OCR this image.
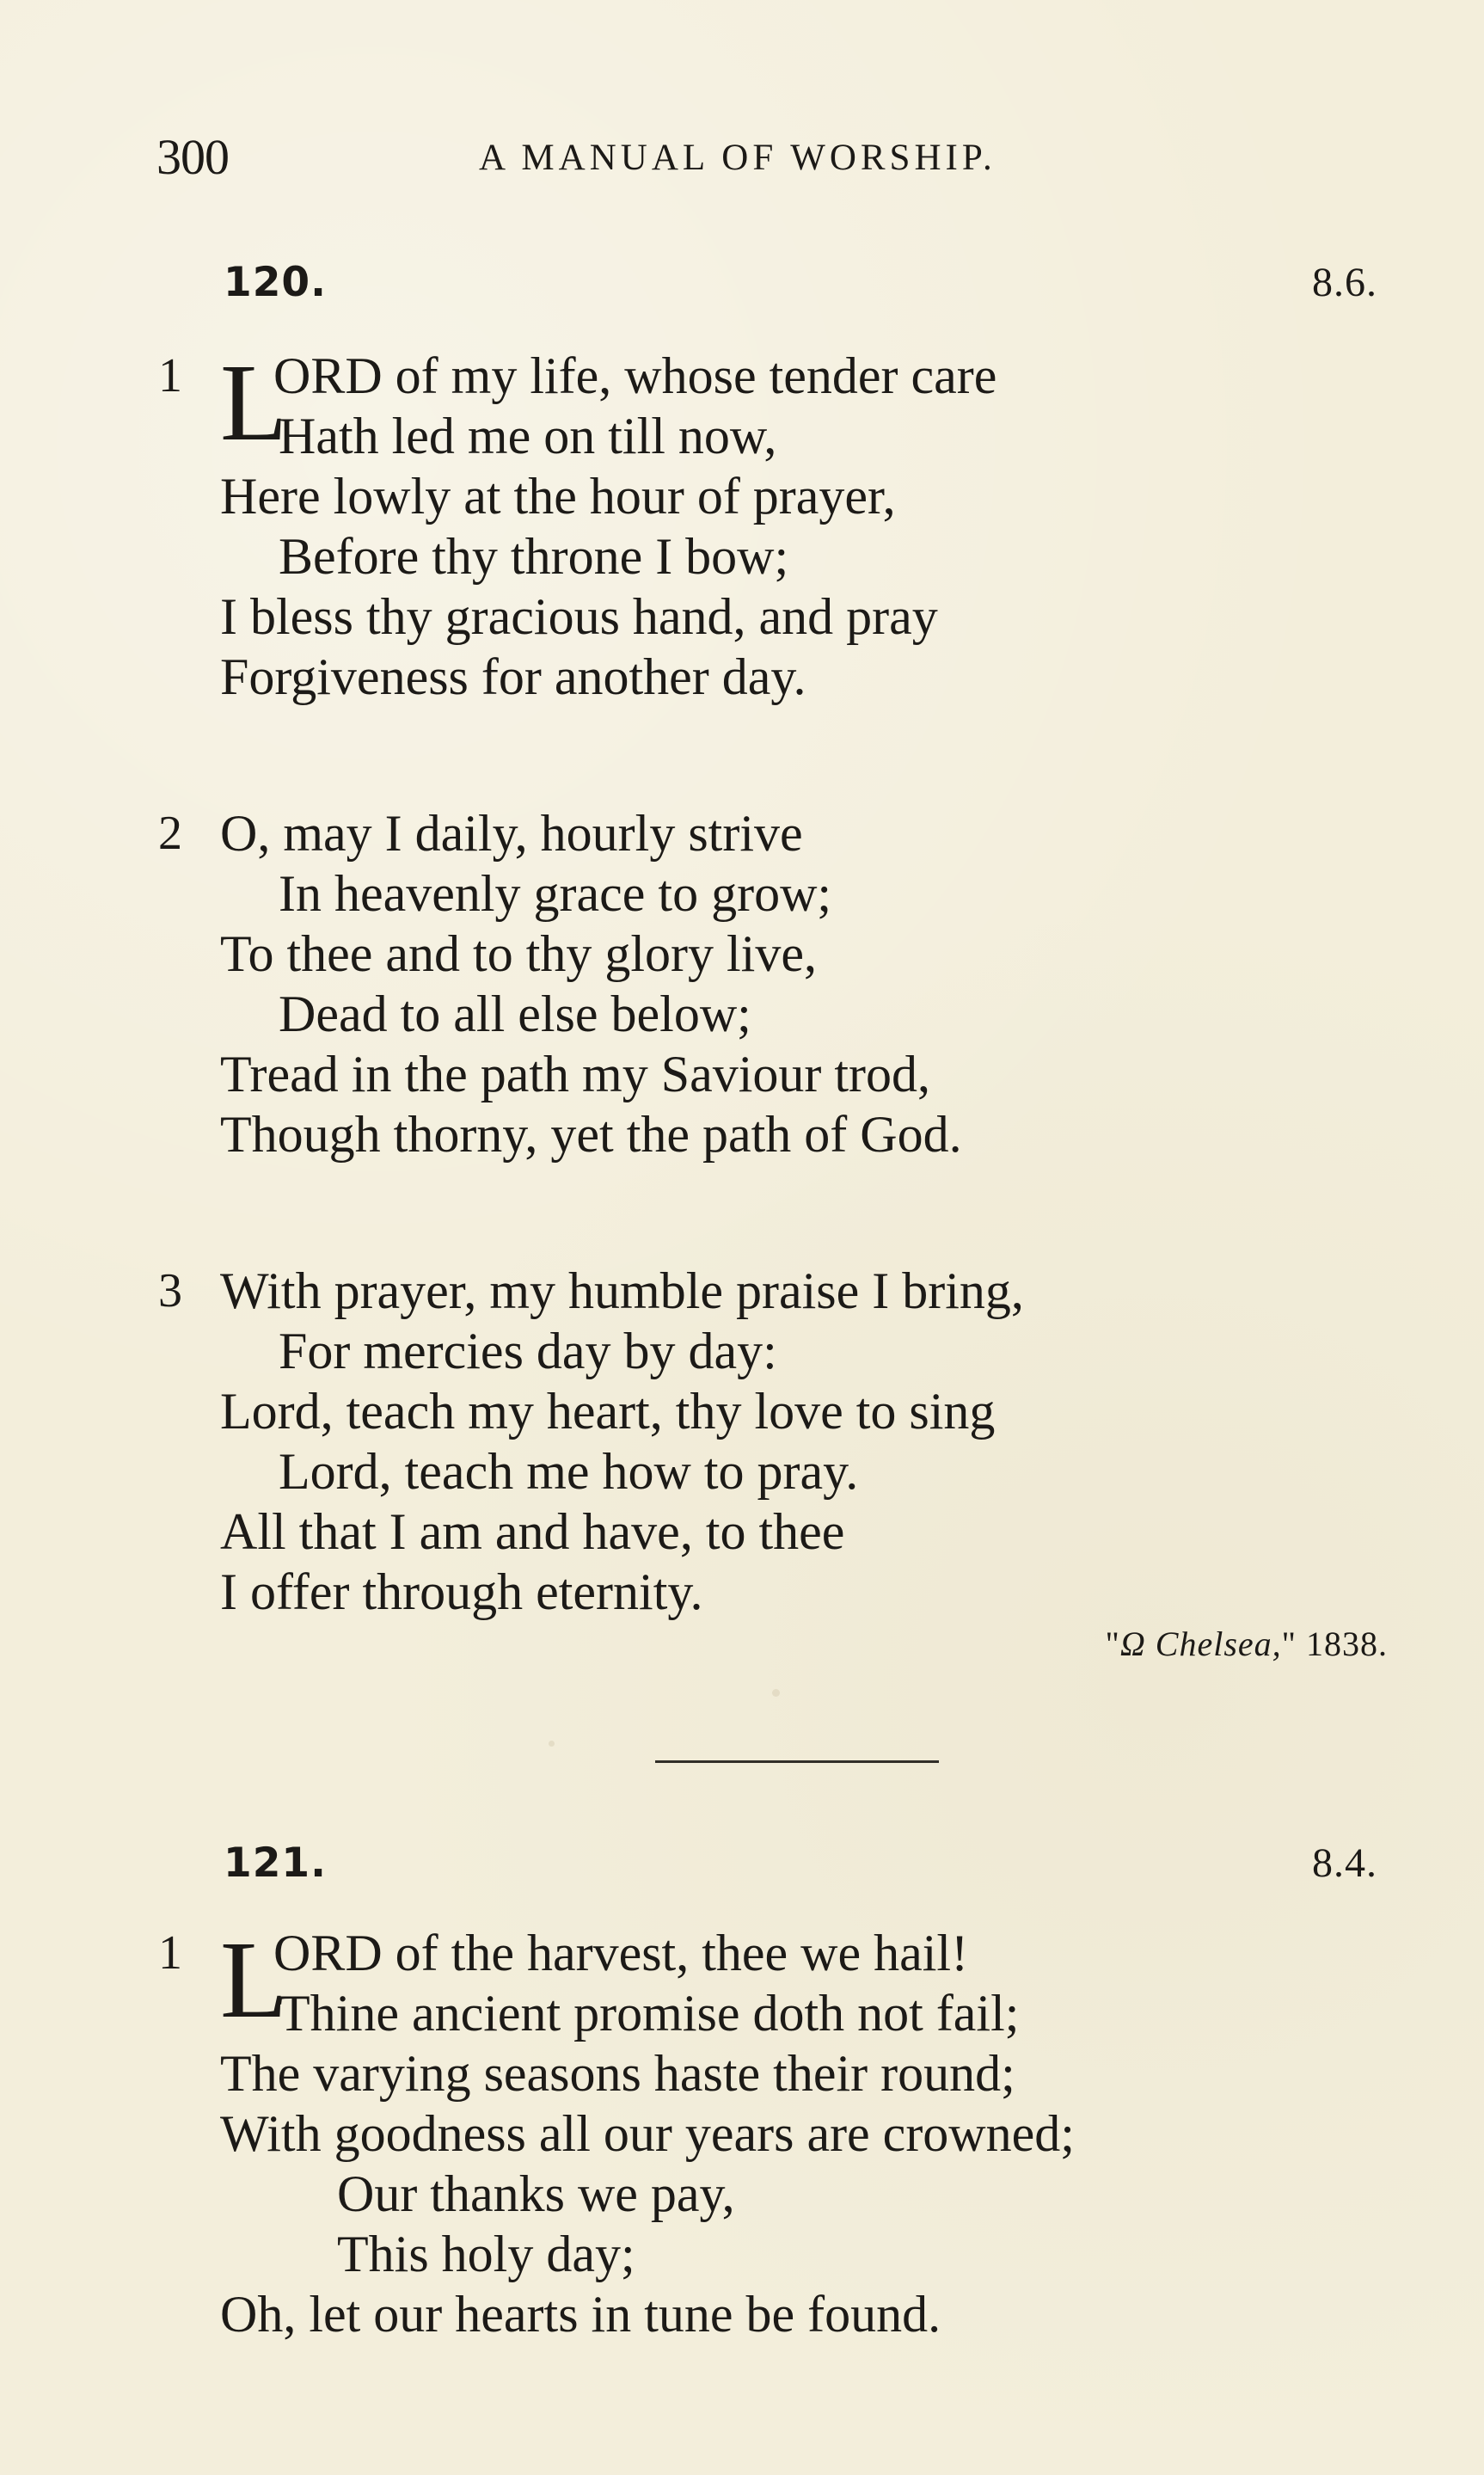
300	A MANUAL OF WORSHIP.
120.	8.6.
1 L
ORD of my life, whose tender care
Hath led me on till now,
Here lowly at the hour of prayer,
Before thy throne I bow;
I bless thy gracious hand, and pray
Forgiveness for another day.
2 O, may I daily, hourly strive
In heavenly grace to grow;
To thee and to thy glory live,
Dead to all else below;
Tread in the path my Saviour trod,
Though thorny, yet the path of God.
3 With prayer, my humble praise I bring,
For mercies day by day:
Lord, teach my heart, thy love to sing
Lord, teach me how to pray.
All that I am and have, to thee
I offer through eternity.
"Ω Chelsea," 1838.
121.	8.4.
1 L
ORD of the harvest, thee we hail!
Thine ancient promise doth not fail;
The varying seasons haste their round;
With goodness all our years are crowned;
Our thanks we pay,
This holy day;
Oh, let our hearts in tune be found.
